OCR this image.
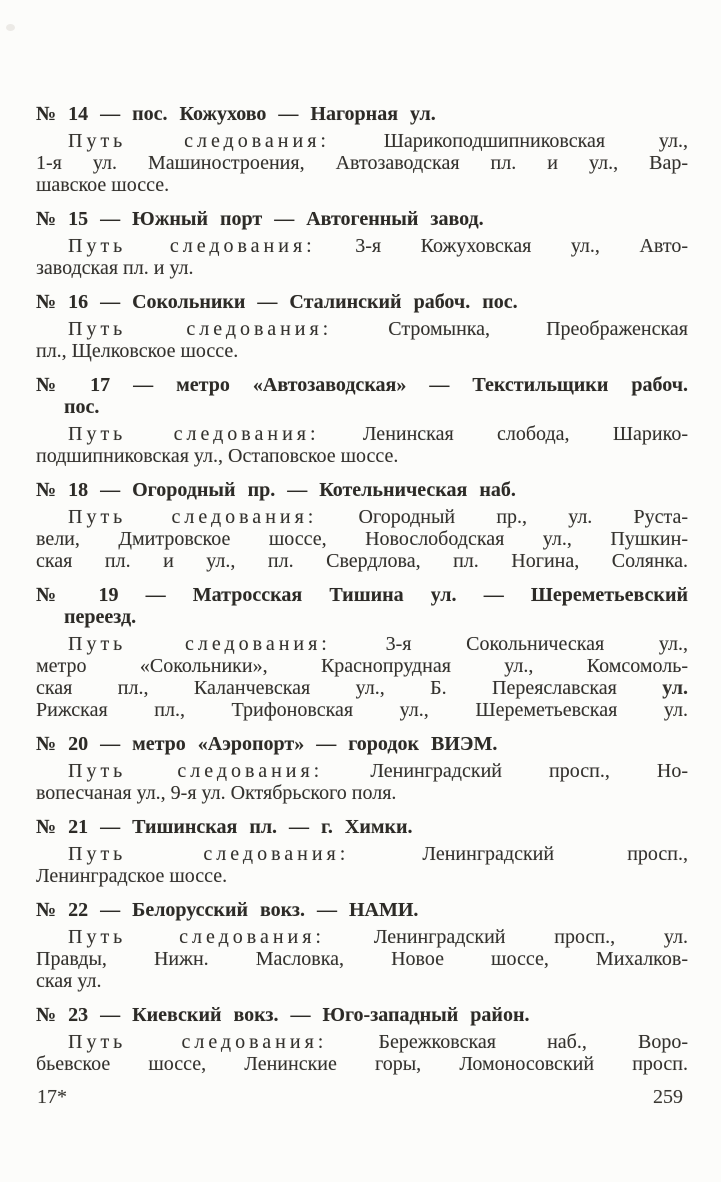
№ 14 — пос. Кожухово — Нагорная ул.
Путь следования: Шарикоподшипниковская ул.,
1-я ул. Машиностроения, Автозаводская пл. и ул., Вар-
шавское шоссе.
№ 15 — Южный порт — Автогенный завод.
Путь следования: 3-я Кожуховская ул., Авто-
заводская пл. и ул.
№ 16 — Сокольники — Сталинский рабоч. пос.
Путь следования: Стромынка, Преображенская
пл., Щелковское шоссе.
№ 17 — метро «Автозаводская» — Текстильщики рабоч.
пос.
Путь следования: Ленинская слобода, Шарико-
подшипниковская ул., Остаповское шоссе.
№ 18 — Огородный пр. — Котельническая наб.
Путь следования: Огородный пр., ул. Руста-
вели, Дмитровское шоссе, Новослободская ул., Пушкин-
ская пл. и ул., пл. Свердлова, пл. Ногина, Солянка.
№ 19 — Матросская Тишина ул. — Шереметьевский
переезд.
Путь следования: 3-я Сокольническая ул.,
метро «Сокольники», Краснопрудная ул., Комсомоль-
ская пл., Каланчевская ул., Б. Переяславская ул.
Рижская пл., Трифоновская ул., Шереметьевская ул.
№ 20 — метро «Аэропорт» — городок ВИЭМ.
Путь следования: Ленинградский просп., Но-
вопесчаная ул., 9-я ул. Октябрьского поля.
№ 21 — Тишинская пл. — г. Химки.
Путь следования: Ленинградский просп.,
Ленинградское шоссе.
№ 22 — Белорусский вокз. — НАМИ.
Путь следования: Ленинградский просп., ул.
Правды, Нижн. Масловка, Новое шоссе, Михалков-
ская ул.
№ 23 — Киевский вокз. — Юго-западный район.
Путь следования: Бережковская наб., Воро-
бьевское шоссе, Ленинские горы, Ломоносовский просп.
17*	259
